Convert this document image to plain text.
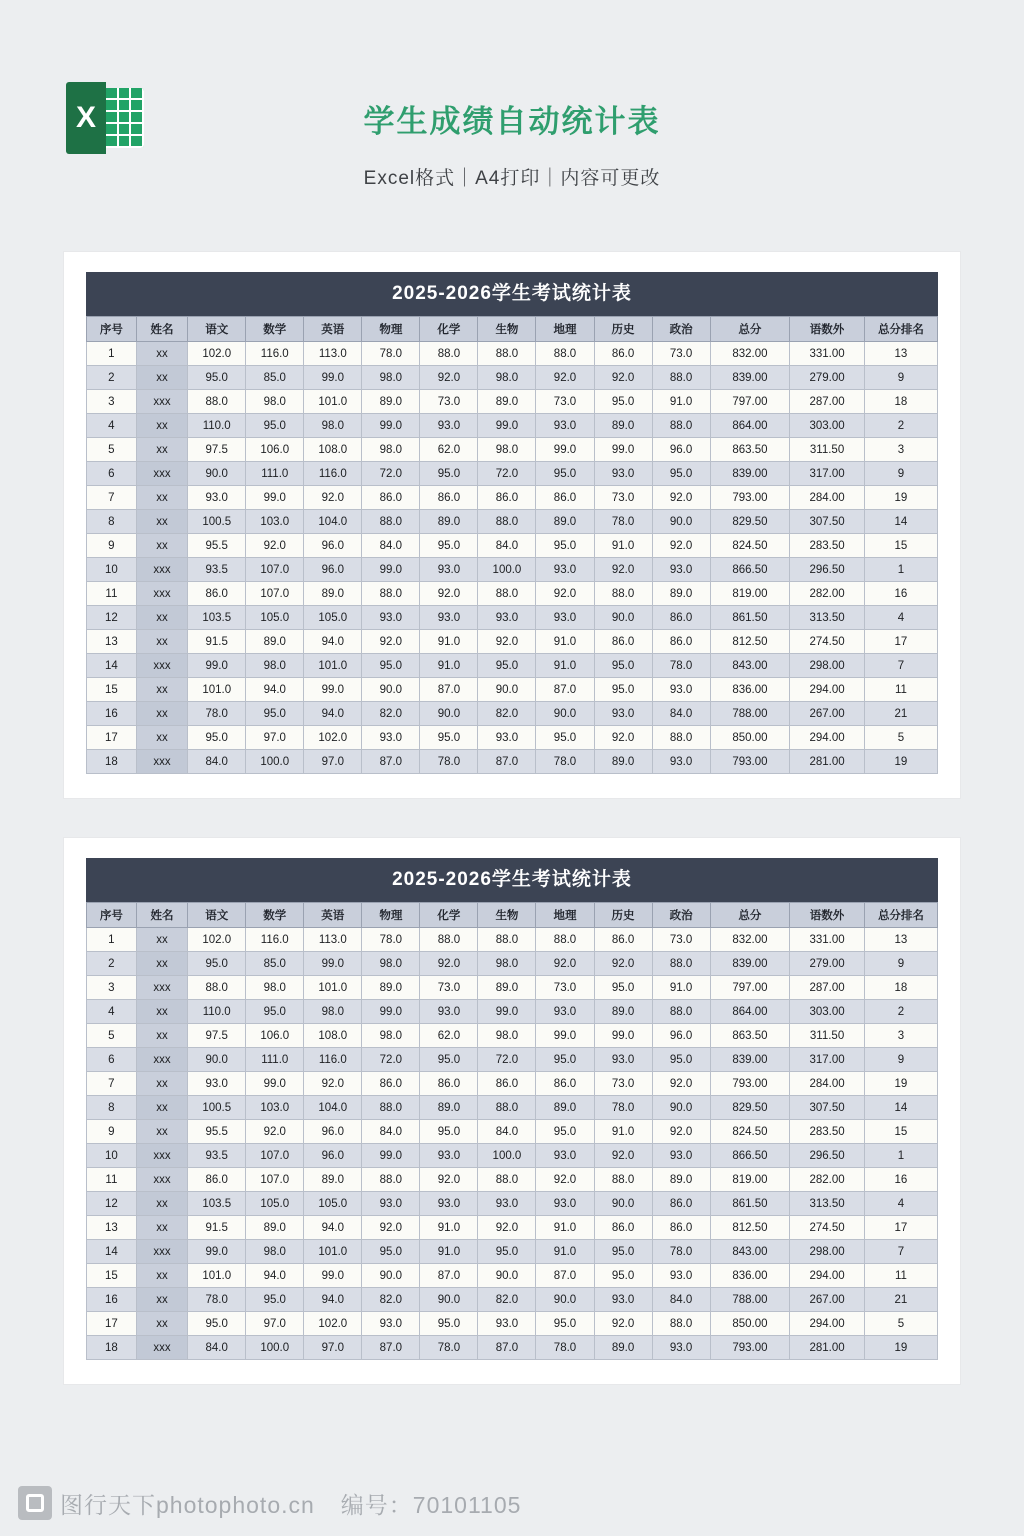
X	学生成绩自动统计表
Excel格式｜A4打印｜内容可更改
2025-2026学生考试统计表
序号	姓名	语文	数学	英语	物理	化学	生物	地理	历史	政治	总分	语数外	总分排名
1	xx	102.0	116.0	113.0	78.0	88.0	88.0	88.0	86.0	73.0	832.00	331.00	13
2	xx	95.0	85.0	99.0	98.0	92.0	98.0	92.0	92.0	88.0	839.00	279.00	9
3	xxx	88.0	98.0	101.0	89.0	73.0	89.0	73.0	95.0	91.0	797.00	287.00	18
4	xx	110.0	95.0	98.0	99.0	93.0	99.0	93.0	89.0	88.0	864.00	303.00	2
5	xx	97.5	106.0	108.0	98.0	62.0	98.0	99.0	99.0	96.0	863.50	311.50	3
6	xxx	90.0	111.0	116.0	72.0	95.0	72.0	95.0	93.0	95.0	839.00	317.00	9
7	xx	93.0	99.0	92.0	86.0	86.0	86.0	86.0	73.0	92.0	793.00	284.00	19
8	xx	100.5	103.0	104.0	88.0	89.0	88.0	89.0	78.0	90.0	829.50	307.50	14
9	xx	95.5	92.0	96.0	84.0	95.0	84.0	95.0	91.0	92.0	824.50	283.50	15
10	xxx	93.5	107.0	96.0	99.0	93.0	100.0	93.0	92.0	93.0	866.50	296.50	1
11	xxx	86.0	107.0	89.0	88.0	92.0	88.0	92.0	88.0	89.0	819.00	282.00	16
12	xx	103.5	105.0	105.0	93.0	93.0	93.0	93.0	90.0	86.0	861.50	313.50	4
13	xx	91.5	89.0	94.0	92.0	91.0	92.0	91.0	86.0	86.0	812.50	274.50	17
14	xxx	99.0	98.0	101.0	95.0	91.0	95.0	91.0	95.0	78.0	843.00	298.00	7
15	xx	101.0	94.0	99.0	90.0	87.0	90.0	87.0	95.0	93.0	836.00	294.00	11
16	xx	78.0	95.0	94.0	82.0	90.0	82.0	90.0	93.0	84.0	788.00	267.00	21
17	xx	95.0	97.0	102.0	93.0	95.0	93.0	95.0	92.0	88.0	850.00	294.00	5
18	xxx	84.0	100.0	97.0	87.0	78.0	87.0	78.0	89.0	93.0	793.00	281.00	19
2025-2026学生考试统计表
序号	姓名	语文	数学	英语	物理	化学	生物	地理	历史	政治	总分	语数外	总分排名
1	xx	102.0	116.0	113.0	78.0	88.0	88.0	88.0	86.0	73.0	832.00	331.00	13
2	xx	95.0	85.0	99.0	98.0	92.0	98.0	92.0	92.0	88.0	839.00	279.00	9
3	xxx	88.0	98.0	101.0	89.0	73.0	89.0	73.0	95.0	91.0	797.00	287.00	18
4	xx	110.0	95.0	98.0	99.0	93.0	99.0	93.0	89.0	88.0	864.00	303.00	2
5	xx	97.5	106.0	108.0	98.0	62.0	98.0	99.0	99.0	96.0	863.50	311.50	3
6	xxx	90.0	111.0	116.0	72.0	95.0	72.0	95.0	93.0	95.0	839.00	317.00	9
7	xx	93.0	99.0	92.0	86.0	86.0	86.0	86.0	73.0	92.0	793.00	284.00	19
8	xx	100.5	103.0	104.0	88.0	89.0	88.0	89.0	78.0	90.0	829.50	307.50	14
9	xx	95.5	92.0	96.0	84.0	95.0	84.0	95.0	91.0	92.0	824.50	283.50	15
10	xxx	93.5	107.0	96.0	99.0	93.0	100.0	93.0	92.0	93.0	866.50	296.50	1
11	xxx	86.0	107.0	89.0	88.0	92.0	88.0	92.0	88.0	89.0	819.00	282.00	16
12	xx	103.5	105.0	105.0	93.0	93.0	93.0	93.0	90.0	86.0	861.50	313.50	4
13	xx	91.5	89.0	94.0	92.0	91.0	92.0	91.0	86.0	86.0	812.50	274.50	17
14	xxx	99.0	98.0	101.0	95.0	91.0	95.0	91.0	95.0	78.0	843.00	298.00	7
15	xx	101.0	94.0	99.0	90.0	87.0	90.0	87.0	95.0	93.0	836.00	294.00	11
16	xx	78.0	95.0	94.0	82.0	90.0	82.0	90.0	93.0	84.0	788.00	267.00	21
17	xx	95.0	97.0	102.0	93.0	95.0	93.0	95.0	92.0	88.0	850.00	294.00	5
18	xxx	84.0	100.0	97.0	87.0	78.0	87.0	78.0	89.0	93.0	793.00	281.00	19
图行天下photophoto.cn 编号：70101105
